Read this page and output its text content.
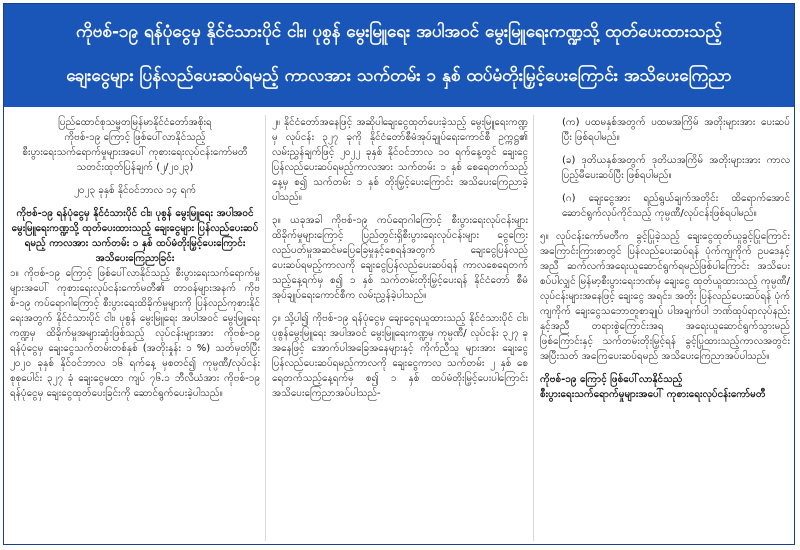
ကိုဗစ်-၁၉ ရန်ပုံငွေမှ နိုင်ငံသားပိုင် ငါး၊ ပုစွန် မွေးမြူရေး အပါအဝင် မွေးမြူရေးကဏ္ဍသို့ ထုတ်ပေးထားသည့်
ချေးငွေများ ပြန်လည်ပေးဆပ်ရမည့် ကာလအား သက်တမ်း ၁ နှစ် ထပ်မံတိုးမြှင့်ပေးကြောင်း အသိပေးကြေညာ

ပြည်ထောင်စုသမ္မတမြန်မာနိုင်ငံတော်အစိုးရ

ကိုဗစ်-၁၉ ကြောင့် ဖြစ်ပေါ်လာနိုင်သည့်

စီးပွားရေးသက်ရောက်မှုများအပေါ် ကုစားရေးလုပ်ငန်းကော်မတီ

သတင်းထုတ်ပြန်ချက် (၂/၂၀၂၃)

၂၀၂၃ ခုနှစ် နိုင်ဝင်ဘာလ ၁၄ ရက်

ကိုဗစ်-၁၉ ရန်ပုံငွေမှ နိုင်ငံသားပိုင် ငါး၊ ပုစွန် မွေးမြူရေး အပါအဝင် မွေးမြူရေးကဏ္ဍသို့ ထုတ်ပေးထားသည့် ချေးငွေများ ပြန်လည်ပေးဆပ်ရမည့် ကာလအား သက်တမ်း ၁ နှစ် ထပ်မံတိုးမြှင့်ပေးကြောင်း အသိပေးကြေညာခြင်း

၁။ ကိုဗစ်-၁၉ ကြောင့် ဖြစ်ပေါ်လာနိုင်သည့် စီးပွားရေးသက်ရောက်မှုများအပေါ် ကုစားရေးလုပ်ငန်းကော်မတီ၏ တာဝန်များအနက် ကိုဗစ်-၁၉ ကပ်ရောဂါကြောင့် စီးပွားရေးထိခိုက်မှုများကို ပြန်လည်ကုစားနိုင်ရေးအတွက် နိုင်ငံသားပိုင် ငါး၊ ပုစွန် မွေးမြူရေး အပါအဝင် မွေးမြူရေးကဏ္ဍမှ ထိခိုက်မှုအများဆုံးဖြစ်သည့် လုပ်ငန်းများအား ကိုဗစ်-၁၉ ရန်ပုံငွေမှ ချေးငွေသက်တမ်းတစ်နှစ် (အတိုးနှုန်း ၁ %) သတ်မှတ်ပြီး ၂၀၂၀ ခုနှစ် နိုင်ဝင်ဘာလ ၁၆ ရက်နေ့ မှစတင်၍ ကုမ္ပဏီ/လုပ်ငန်း စုစုပေါင်း ၃၂၇ ခုံ ချေးငွေမထာ ကျပ် ၇၆.၁ ဘီလီယံအား ကိုဗစ်-၁၉ ရန်ပုံငွေမှ ချေးငွေထုတ်ပေးခြင်းကို ဆောင်ရွက်ပေးခဲ့ပါသည်။

၂။ နိုင်ငံတော်အနေဖြင့် အဆိုပါချေးငွေထုတ်ပေးခဲ့သည့် မွေးမြူရေးကဏ္ဍမှ လုပ်ငန်း ၃၂၇ ခုကို နိုင်ငံတော်စီမံအုပ်ချုပ်ရေးကောင်စီ ဥက္ကဋ္ဌ၏ လမ်းညွှန်ချက်ဖြင့် ၂၀၂၂ ခုနှစ် နိုင်ဝင်ဘာလ ၁၀ ရက်နေ့တွင် ချေးငွေပြန်လည်ပေးဆပ်ရမည့်ကာလအား သက်တမ်း ၁ နှစ် စေရေတက်သည့်နေ့မှ စ၍ သက်တမ်း ၁ နှစ် တိုးမြှင့်ပေးကြောင်း အသိပေးကြေညာခဲ့ပါသည်။

၃။ ယခုအခါ ကိုဗစ်-၁၉ ကပ်ရောဂါကြောင့် စီးပွားရေးလုပ်ငန်းများ ထိခိုက်မှုများကြောင့် ပြည်တွင်းရှိစီးပွားရေးလုပ်ငန်းများ ငွေကြေး လည်ပတ်မှုအဆင်မပြေခြေမှုနှင့်စေရန်အတွက် ချေးငွေပြန်လည် ပေးဆပ်ရမည့်ကာလကို ချေးငွေပြန်လည်ပေးဆပ်ရန် ကာလစေရေတက် သည့်နေ့ရက်မှ စ၍ ၁ နှစ် သက်တမ်းတိုးမြှင့်ပေးရန် နိုင်ငံတော် စီမံအုပ်ချုပ်ရေးကောင်စီက လမ်းညွှန်ခဲ့ပါသည်။

၄။ သို့ပါ၍ ကိုဗစ်-၁၉ ရန်ပုံငွေမှ ချေးငွေရယူထားသည့် နိုင်ငံသားပိုင် ငါး၊ ပုစွန်မွေးမြူရေး အပါအဝင် မွေးမြူရေးကဏ္ဍမှ ကုမ္ပဏီ/ လုပ်ငန်း ၃၂၇ ခုအနေဖြင့် အောက်ပါအခြေအနေများနှင့် ကိုက်ညီသူ များအား ချေးငွေပြန်လည်ပေးဆပ်ရမည့်ကာလကို ချေးငွေကာလ သက်တမ်း ၂ နှစ် စေရေတက်သည့်နေ့ရက်မှ စ၍ ၁ နှစ် ထပ်မံတိုးမြှင့်ပေးပါကြောင်း အသိပေးကြေညာအပ်ပါသည်-

(က) ပထမနှစ်အတွက် ပထမအကြိမ် အတိုးများအား ပေးဆပ်ပြီး ဖြစ်ရပါမည်။

(ခ) ဒုတိယနှစ်အတွက် ဒုတိယအကြိမ် အတိုးများအား ကာလပြည့်မီပေးဆပ်ပြီး ဖြစ်ရပါမည်။

(ဂ) ချေးငွေအား ရည်ရွယ်ချက်အတိုင်း ထိရောက်အောင် ဆောင်ရွက်လုပ်ကိုင်သည့် ကုမ္ပဏီ/လုပ်ငန်းဖြစ်ရပါမည်။

၅။ လုပ်ငန်းကော်မတီက ခွင့်ပြုခဲ့သည့် ချေးငွေထုတ်ယူခွင့်ပြုကြောင်း အကြောင်းကြားစာတွင် ပြန်လည်ပေးဆပ်ရန် ပုံက်ကျကိုက် ဥပဒေနှင့်အညီ ဆက်လက်အရေးယူဆောင်ရွက်ရမည်ဖြစ်ပါကြောင်း အသိပေးစပ်ပါလျှင် မြန်မာ့စီးပွားရေးဘဏ်မှ ချေးငွေ ထုတ်ယူထားသည့် ကုမ္ပဏီ/လုပ်ငန်းများအနေဖြင့် ချေးငွေ အရင်း၊ အတိုး ပြန်လည်ပေးဆပ်ရန် ပုံက်ကျကိုက် ချေးငွေသဘောတူစာချုပ် ပါအချက်ပါ ဘဏ်ထုပ်ရာလုပ်နည်းနှင့်အညီ တရားစွဲကြောင်းအရ အရေးယူဆောင်ရွက်သွားမည်ဖြစ်ကြောင်းနှင့် သက်တမ်းတိုးမြှင့်ရန် ခွင့်ပြုထားသည့်ကာလအတွင်း အပြီးသတ် အကြေပေးဆပ်ရမည် အသိပေးကြေညာအပ်ပါသည်။

ကိုဗစ်-၁၉ ကြောင့် ဖြစ်ပေါ်လာနိုင်သည့်

စီးပွားရေးသက်ရောက်မှုများအပေါ် ကုစားရေးလုပ်ငန်းကော်မတီ
